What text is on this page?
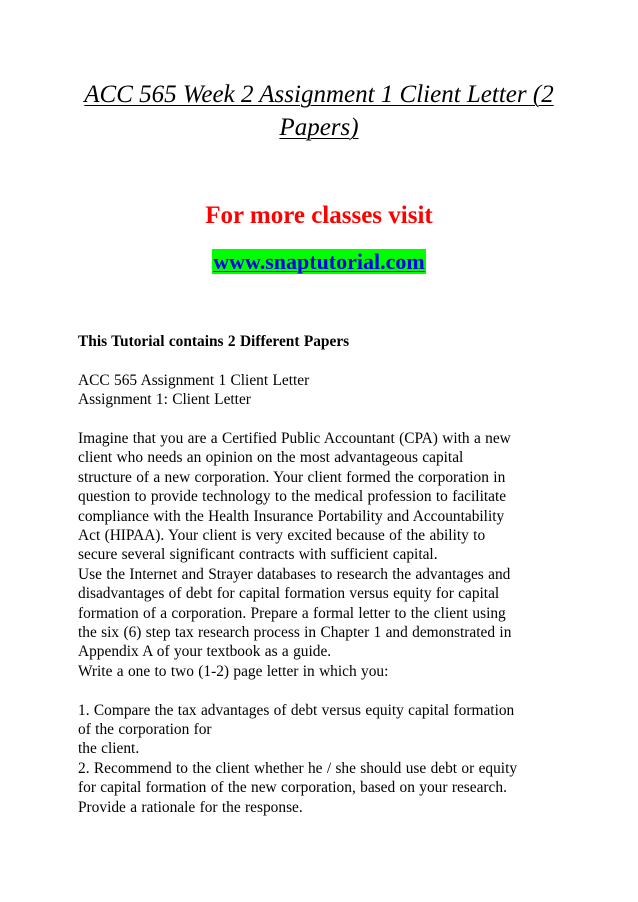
ACC 565 Week 2 Assignment 1 Client Letter (2
Papers)

For more classes visit

www.snaptutorial.com

This Tutorial contains 2 Different Papers

ACC 565 Assignment 1 Client Letter

Assignment 1: Client Letter

Imagine that you are a Certified Public Accountant (CPA) with a new

client who needs an opinion on the most advantageous capital

structure of a new corporation. Your client formed the corporation in

question to provide technology to the medical profession to facilitate

compliance with the Health Insurance Portability and Accountability

Act (HIPAA). Your client is very excited because of the ability to

secure several significant contracts with sufficient capital.

Use the Internet and Strayer databases to research the advantages and

disadvantages of debt for capital formation versus equity for capital

formation of a corporation. Prepare a formal letter to the client using

the six (6) step tax research process in Chapter 1 and demonstrated in

Appendix A of your textbook as a guide.

Write a one to two (1-2) page letter in which you:

1. Compare the tax advantages of debt versus equity capital formation

of the corporation for

the client.

2. Recommend to the client whether he / she should use debt or equity

for capital formation of the new corporation, based on your research.

Provide a rationale for the response.
